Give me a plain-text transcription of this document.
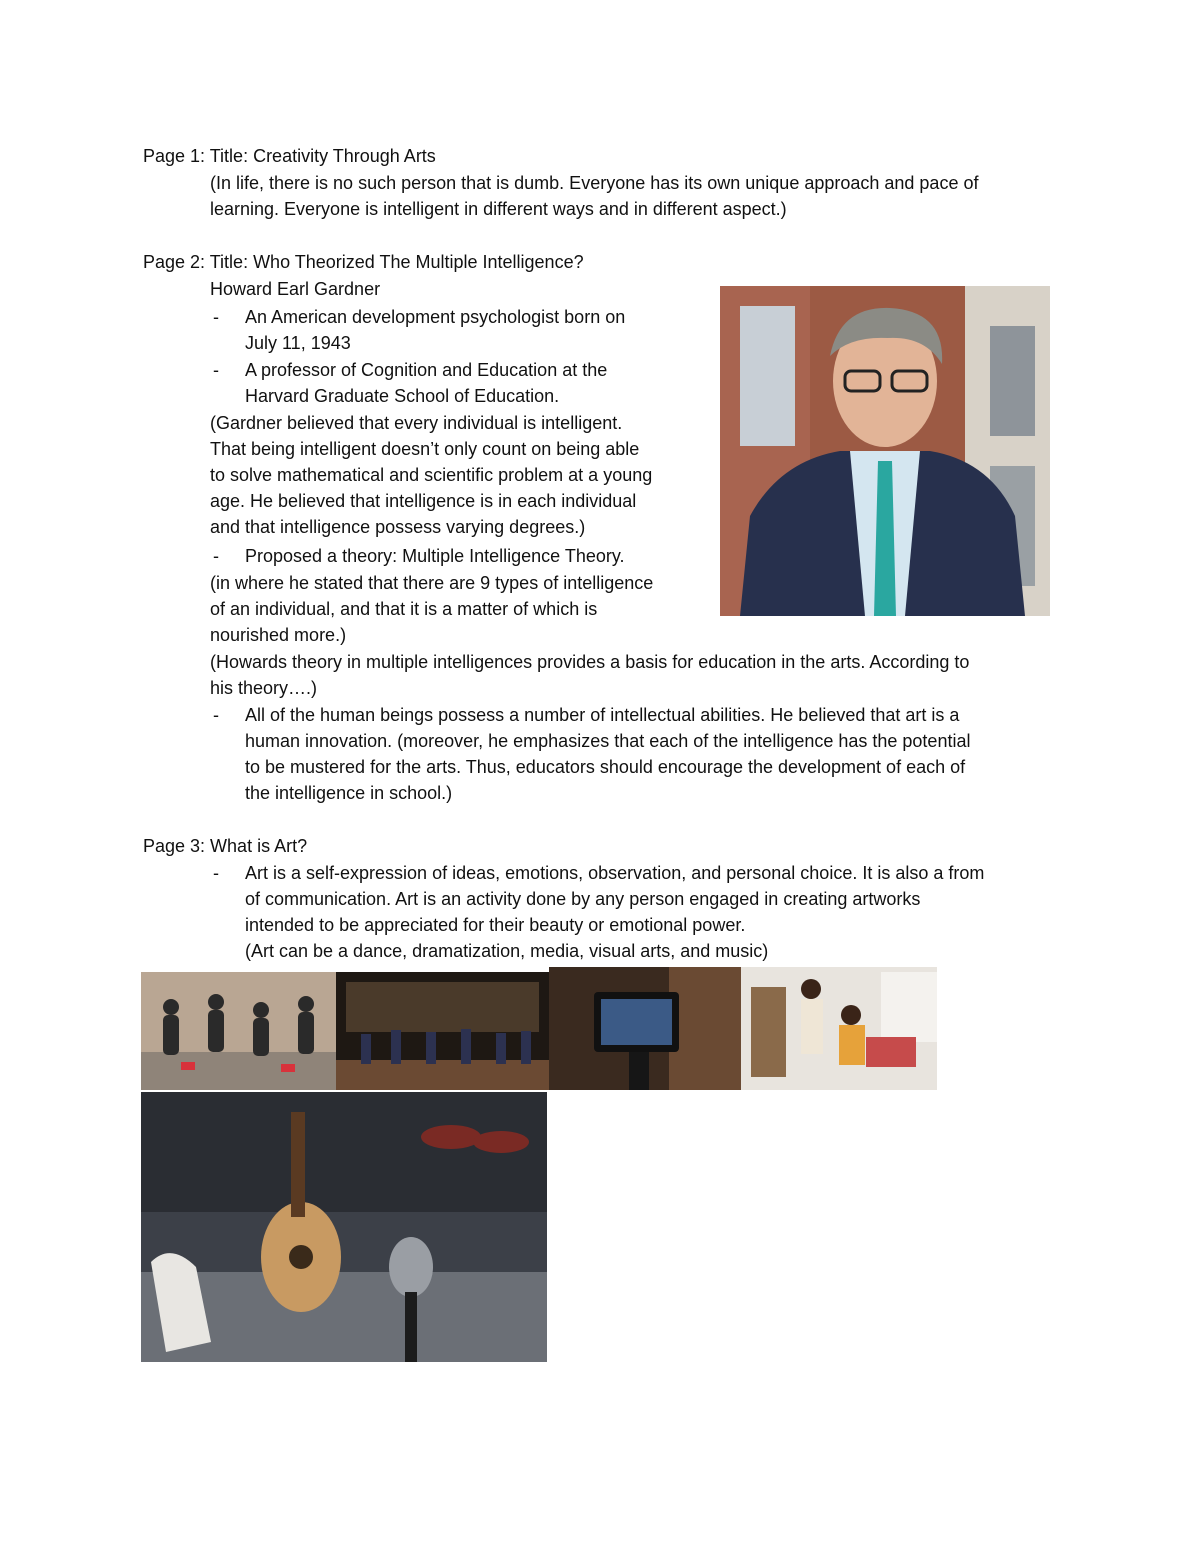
Page 1: Title: Creativity Through Arts
(In life, there is no such person that is dumb. Everyone has its own unique approach and pace of
learning. Everyone is intelligent in different ways and in different aspect.)
Page 2: Title: Who Theorized The Multiple Intelligence?
Howard Earl Gardner
- An American development psychologist born on
July 11, 1943
- A professor of Cognition and Education at the
Harvard Graduate School of Education.
(Gardner believed that every individual is intelligent.
That being intelligent doesn’t only count on being able
to solve mathematical and scientific problem at a young
age. He believed that intelligence is in each individual
and that intelligence possess varying degrees.)
- Proposed a theory: Multiple Intelligence Theory.
(in where he stated that there are 9 types of intelligence
of an individual, and that it is a matter of which is
nourished more.)
(Howards theory in multiple intelligences provides a basis for education in the arts. According to
his theory….)
- All of the human beings possess a number of intellectual abilities. He believed that art is a
human innovation. (moreover, he emphasizes that each of the intelligence has the potential
to be mustered for the arts. Thus, educators should encourage the development of each of
the intelligence in school.)
Page 3: What is Art?
- Art is a self-expression of ideas, emotions, observation, and personal choice. It is also a from
of communication. Art is an activity done by any person engaged in creating artworks
intended to be appreciated for their beauty or emotional power.
(Art can be a dance, dramatization, media, visual arts, and music)
